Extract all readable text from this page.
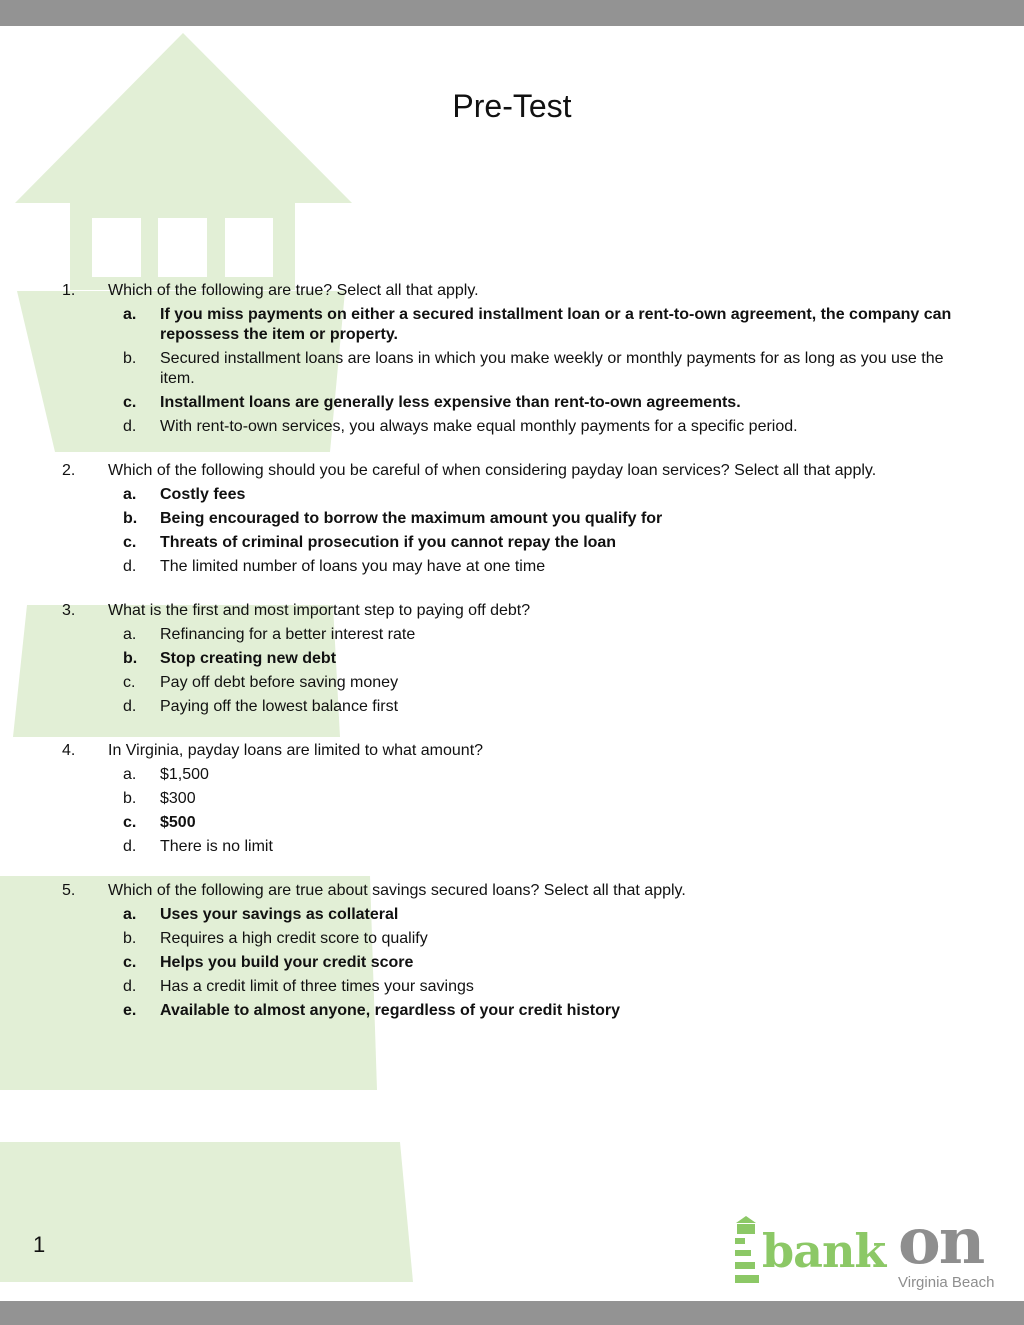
Pre-Test
1. Which of the following are true? Select all that apply.
a. If you miss payments on either a secured installment loan or a rent-to-own agreement, the company can repossess the item or property.
b. Secured installment loans are loans in which you make weekly or monthly payments for as long as you use the item.
c. Installment loans are generally less expensive than rent-to-own agreements.
d. With rent-to-own services, you always make equal monthly payments for a specific period.
2. Which of the following should you be careful of when considering payday loan services? Select all that apply.
a. Costly fees
b. Being encouraged to borrow the maximum amount you qualify for
c. Threats of criminal prosecution if you cannot repay the loan
d. The limited number of loans you may have at one time
3. What is the first and most important step to paying off debt?
a. Refinancing for a better interest rate
b. Stop creating new debt
c. Pay off debt before saving money
d. Paying off the lowest balance first
4. In Virginia, payday loans are limited to what amount?
a. $1,500
b. $300
c. $500
d. There is no limit
5. Which of the following are true about savings secured loans? Select all that apply.
a. Uses your savings as collateral
b. Requires a high credit score to qualify
c. Helps you build your credit score
d. Has a credit limit of three times your savings
e. Available to almost anyone, regardless of your credit history
1	bank on
Virginia Beach
